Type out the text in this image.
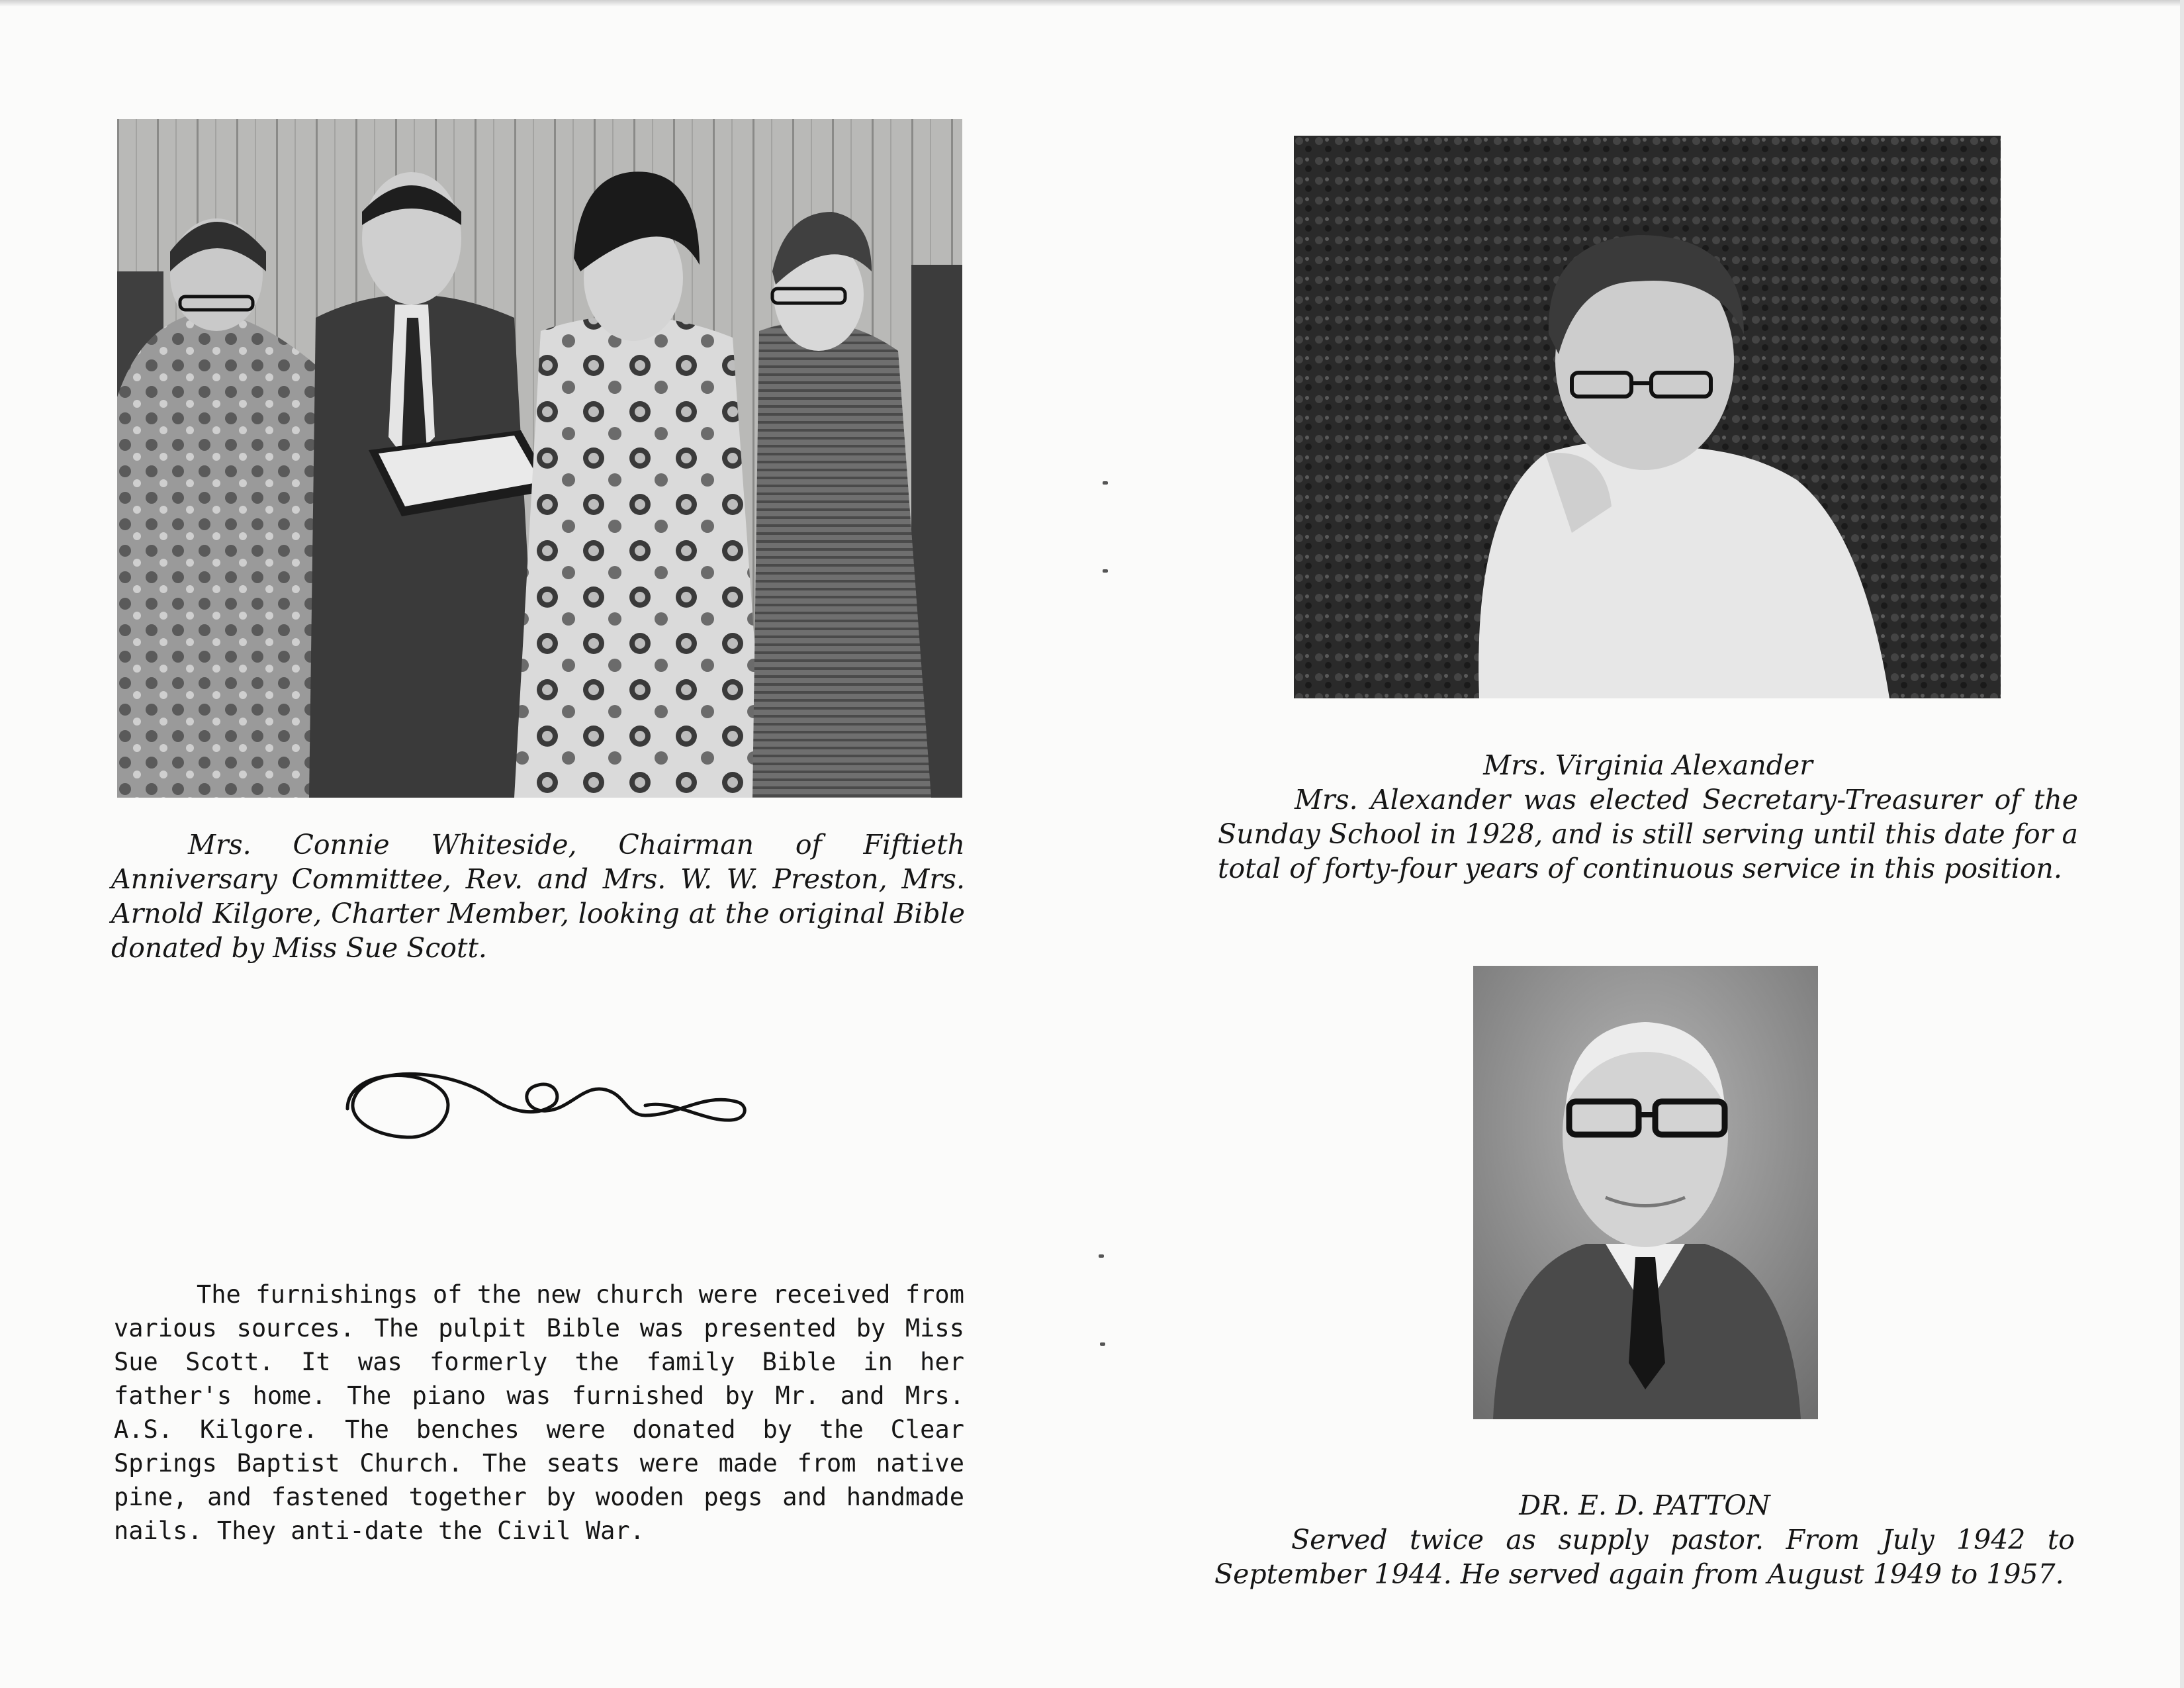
Mrs. Connie Whiteside, Chairman of Fiftieth Anniversary Committee, Rev. and Mrs. W. W. Preston, Mrs. Arnold Kilgore, Charter Member, looking at the original Bible donated by Miss Sue Scott.
The furnishings of the new church were received from various sources. The pulpit Bible was presented by Miss Sue Scott. It was formerly the family Bible in her father's home. The piano was furnished by Mr. and Mrs. A.S. Kilgore. The benches were donated by the Clear Springs Baptist Church. The seats were made from native pine, and fastened together by wooden pegs and handmade nails. They anti-date the Civil War.
Mrs. Virginia Alexander
Mrs. Alexander was elected Secretary-Treasurer of the Sunday School in 1928, and is still serving until this date for a total of forty-four years of continuous service in this position.
DR. E. D. PATTON
Served twice as supply pastor. From July 1942 to September 1944. He served again from August 1949 to 1957.
